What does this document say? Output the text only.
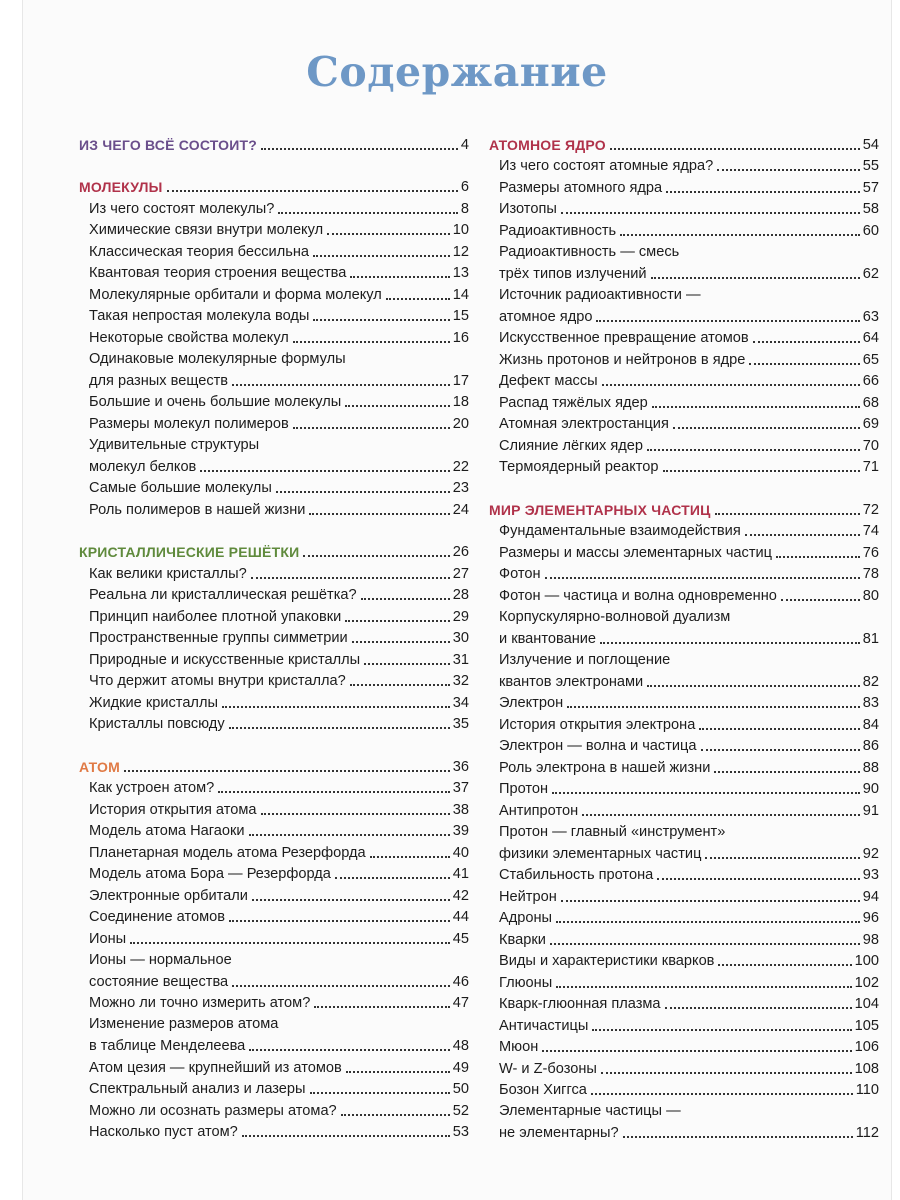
Содержание
ИЗ ЧЕГО ВСЁ СОСТОИТ?	4
МОЛЕКУЛЫ	6
Из чего состоят молекулы?	8
Химические связи внутри молекул	10
Классическая теория бессильна	12
Квантовая теория строения вещества	13
Молекулярные орбитали и форма молекул	14
Такая непростая молекула воды	15
Некоторые свойства молекул	16
Одинаковые молекулярные формулы
для разных веществ	17
Большие и очень большие молекулы	18
Размеры молекул полимеров	20
Удивительные структуры
молекул белков	22
Самые большие молекулы	23
Роль полимеров в нашей жизни	24
КРИСТАЛЛИЧЕСКИЕ РЕШЁТКИ	26
Как велики кристаллы?	27
Реальна ли кристаллическая решётка?	28
Принцип наиболее плотной упаковки	29
Пространственные группы симметрии	30
Природные и искусственные кристаллы	31
Что держит атомы внутри кристалла?	32
Жидкие кристаллы	34
Кристаллы повсюду	35
АТОМ	36
Как устроен атом?	37
История открытия атома	38
Модель атома Нагаоки	39
Планетарная модель атома Резерфорда	40
Модель атома Бора — Резерфорда	41
Электронные орбитали	42
Соединение атомов	44
Ионы	45
Ионы — нормальное
состояние вещества	46
Можно ли точно измерить атом?	47
Изменение размеров атома
в таблице Менделеева	48
Атом цезия — крупнейший из атомов	49
Спектральный анализ и лазеры	50
Можно ли осознать размеры атома?	52
Насколько пуст атом?	53
АТОМНОЕ ЯДРО	54
Из чего состоят атомные ядра?	55
Размеры атомного ядра	57
Изотопы	58
Радиоактивность	60
Радиоактивность — смесь
трёх типов излучений	62
Источник радиоактивности —
атомное ядро	63
Искусственное превращение атомов	64
Жизнь протонов и нейтронов в ядре	65
Дефект массы	66
Распад тяжёлых ядер	68
Атомная электростанция	69
Слияние лёгких ядер	70
Термоядерный реактор	71
МИР ЭЛЕМЕНТАРНЫХ ЧАСТИЦ	72
Фундаментальные взаимодействия	74
Размеры и массы элементарных частиц	76
Фотон	78
Фотон — частица и волна одновременно	80
Корпускулярно-волновой дуализм
и квантование	81
Излучение и поглощение
квантов электронами	82
Электрон	83
История открытия электрона	84
Электрон — волна и частица	86
Роль электрона в нашей жизни	88
Протон	90
Антипротон	91
Протон — главный «инструмент»
физики элементарных частиц	92
Стабильность протона	93
Нейтрон	94
Адроны	96
Кварки	98
Виды и характеристики кварков	100
Глюоны	102
Кварк-глюонная плазма	104
Античастицы	105
Мюон	106
W- и Z-бозоны	108
Бозон Хиггса	110
Элементарные частицы —
не элементарны?	112
